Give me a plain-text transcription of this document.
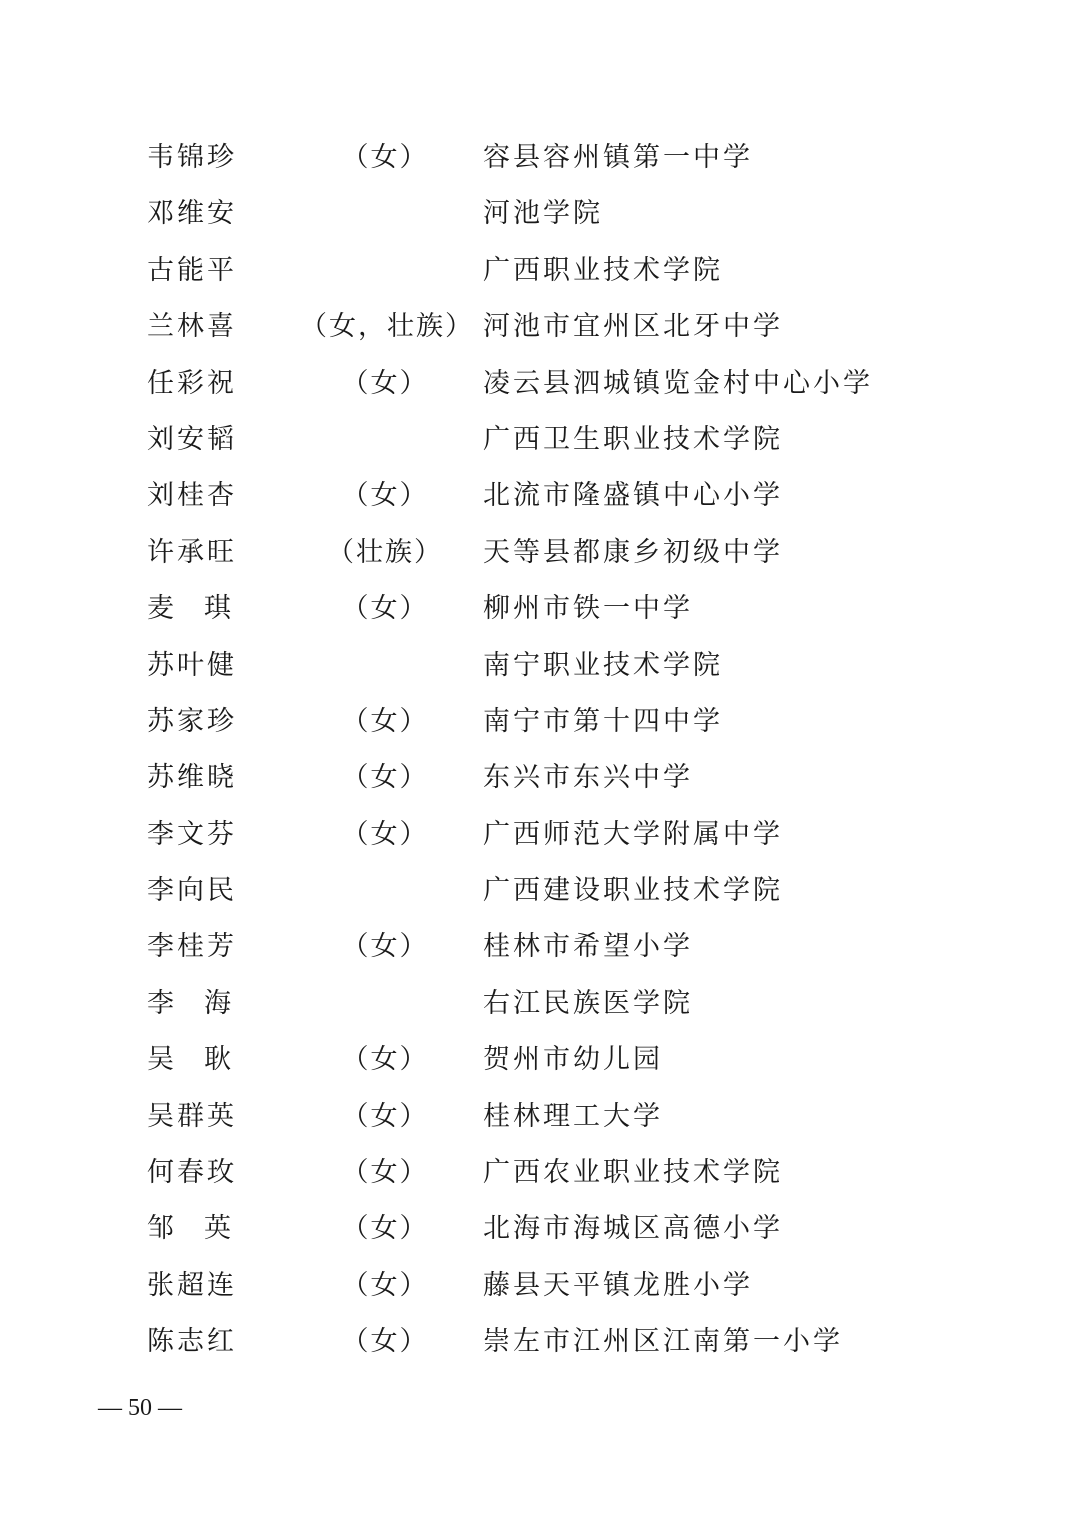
韦锦珍	（女）	容县容州镇第一中学
邓维安	河池学院
古能平	广西职业技术学院
兰林喜	（女，壮族） 河池市宜州区北牙中学
任彩祝	（女）	凌云县泗城镇览金村中心小学
刘安韬	广西卫生职业技术学院
刘桂杏	（女）	北流市隆盛镇中心小学
许承旺	（壮族）	天等县都康乡初级中学
麦琪	（女）	柳州市铁一中学
苏叶健	南宁职业技术学院
苏家珍	（女）	南宁市第十四中学
苏维晓	（女）	东兴市东兴中学
李文芬	（女）	广西师范大学附属中学
李向民	广西建设职业技术学院
李桂芳	（女）	桂林市希望小学
李海	右江民族医学院
吴耿	（女）	贺州市幼儿园
吴群英	（女）	桂林理工大学
何春玫	（女）	广西农业职业技术学院
邹英	（女）	北海市海城区高德小学
张超连	（女）	藤县天平镇龙胜小学
陈志红	（女）	崇左市江州区江南第一小学
— 50 —
